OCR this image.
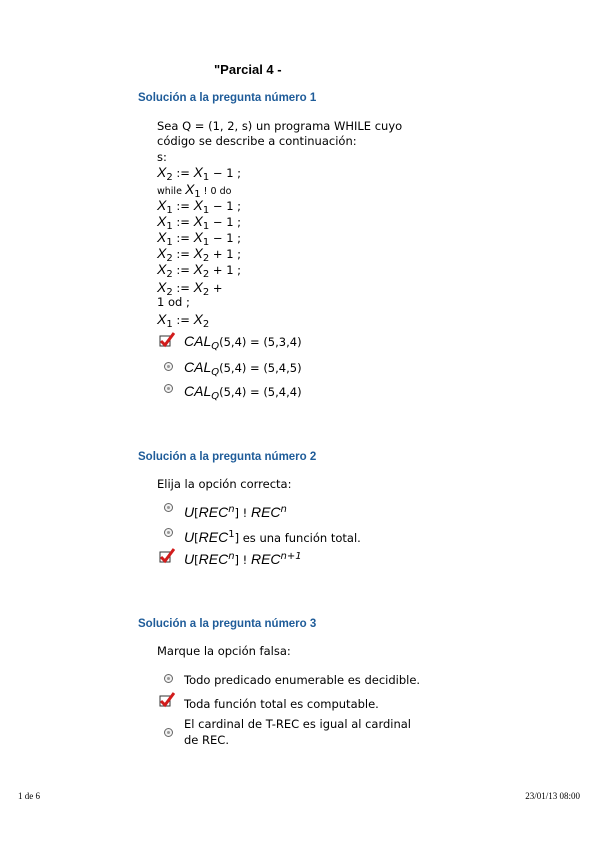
"Parcial 4 -
Solución a la pregunta número 1
Sea Q = (1, 2, s) un programa WHILE cuyo
código se describe a continuación:
s:
X2 := X1 − 1 ;
while X1 ! 0 do
X1 := X1 − 1 ;
X1 := X1 − 1 ;
X1 := X1 − 1 ;
X2 := X2 + 1 ;
X2 := X2 + 1 ;
X2 := X2 +
1 od ;
X1 := X2
CALQ(5,4) = (5,3,4)
CALQ(5,4) = (5,4,5)
CALQ(5,4) = (5,4,4)
Solución a la pregunta número 2
Elija la opción correcta:
U[RECn] ! RECn
U[REC1] es una función total.
U[RECn] ! RECn+1
Solución a la pregunta número 3
Marque la opción falsa:
Todo predicado enumerable es decidible.
Toda función total es computable.
El cardinal de T-REC es igual al cardinal
de REC.
1 de 6	23/01/13 08:00
